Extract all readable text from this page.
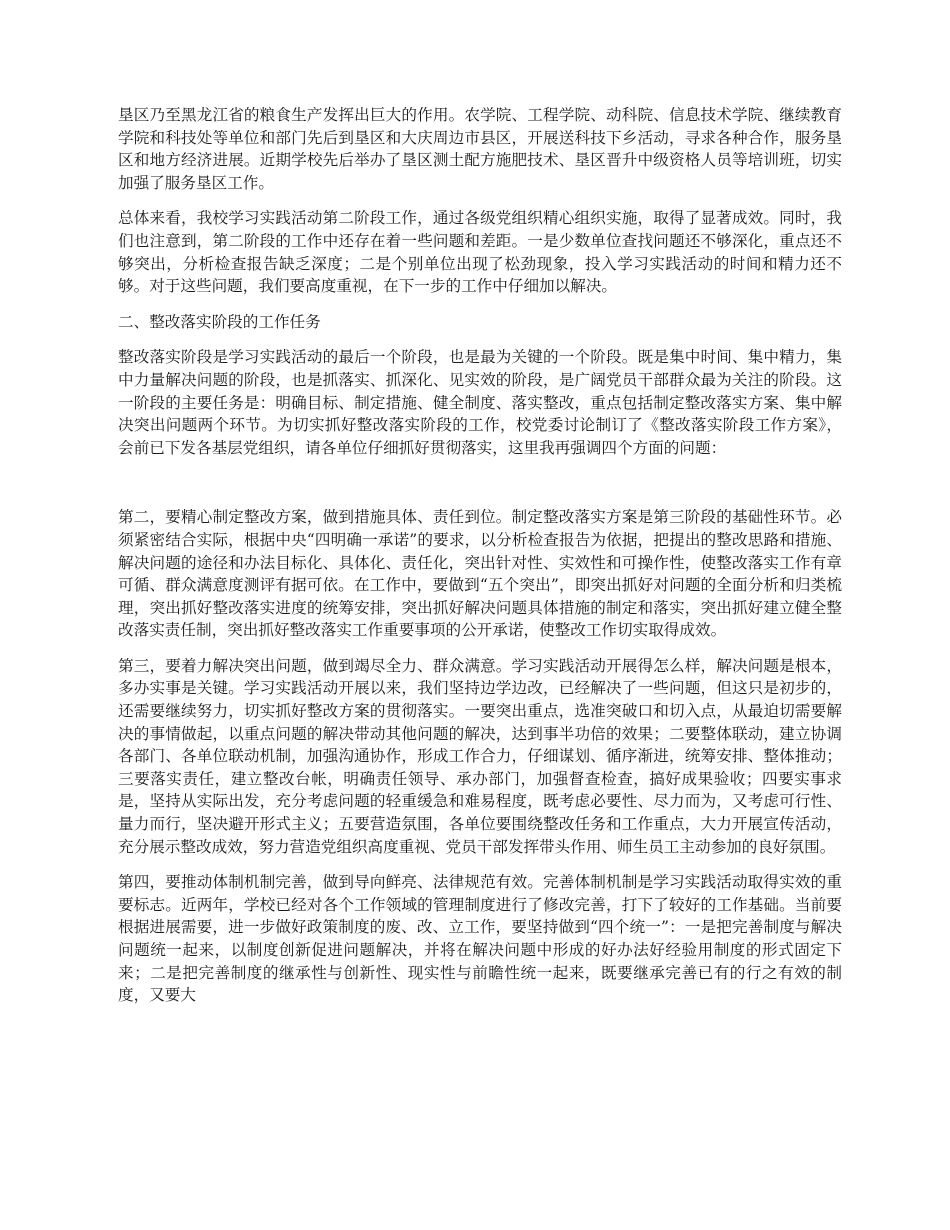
垦区乃至黑龙江省的粮食生产发挥出巨大的作用。农学院、工程学院、动科院、信息技术学院、继续教育学院和科技处等单位和部门先后到垦区和大庆周边市县区，开展送科技下乡活动，寻求各种合作，服务垦区和地方经济进展。近期学校先后举办了垦区测土配方施肥技术、垦区晋升中级资格人员等培训班，切实加强了服务垦区工作。

总体来看，我校学习实践活动第二阶段工作，通过各级党组织精心组织实施，取得了显著成效。同时，我们也注意到，第二阶段的工作中还存在着一些问题和差距。一是少数单位查找问题还不够深化，重点还不够突出，分析检查报告缺乏深度；二是个别单位出现了松劲现象，投入学习实践活动的时间和精力还不够。对于这些问题，我们要高度重视，在下一步的工作中仔细加以解决。

二、整改落实阶段的工作任务

整改落实阶段是学习实践活动的最后一个阶段，也是最为关键的一个阶段。既是集中时间、集中精力，集中力量解决问题的阶段，也是抓落实、抓深化、见实效的阶段，是广阔党员干部群众最为关注的阶段。这一阶段的主要任务是：明确目标、制定措施、健全制度、落实整改，重点包括制定整改落实方案、集中解决突出问题两个环节。为切实抓好整改落实阶段的工作，校党委讨论制订了《整改落实阶段工作方案》，会前已下发各基层党组织，请各单位仔细抓好贯彻落实，这里我再强调四个方面的问题：

第二，要精心制定整改方案，做到措施具体、责任到位。制定整改落实方案是第三阶段的基础性环节。必须紧密结合实际，根据中央“四明确一承诺”的要求，以分析检查报告为依据，把提出的整改思路和措施、解决问题的途径和办法目标化、具体化、责任化，突出针对性、实效性和可操作性，使整改落实工作有章可循、群众满意度测评有据可依。在工作中，要做到“五个突出”，即突出抓好对问题的全面分析和归类梳理，突出抓好整改落实进度的统筹安排，突出抓好解决问题具体措施的制定和落实，突出抓好建立健全整改落实责任制，突出抓好整改落实工作重要事项的公开承诺，使整改工作切实取得成效。

第三，要着力解决突出问题，做到竭尽全力、群众满意。学习实践活动开展得怎么样，解决问题是根本，多办实事是关键。学习实践活动开展以来，我们坚持边学边改，已经解决了一些问题，但这只是初步的，还需要继续努力，切实抓好整改方案的贯彻落实。一要突出重点，选准突破口和切入点，从最迫切需要解决的事情做起，以重点问题的解决带动其他问题的解决，达到事半功倍的效果；二要整体联动，建立协调各部门、各单位联动机制，加强沟通协作，形成工作合力，仔细谋划、循序渐进，统筹安排、整体推动；三要落实责任，建立整改台帐，明确责任领导、承办部门，加强督查检查，搞好成果验收；四要实事求是，坚持从实际出发，充分考虑问题的轻重缓急和难易程度，既考虑必要性、尽力而为，又考虑可行性、量力而行，坚决避开形式主义；五要营造氛围，各单位要围绕整改任务和工作重点，大力开展宣传活动，充分展示整改成效，努力营造党组织高度重视、党员干部发挥带头作用、师生员工主动参加的良好氛围。

第四，要推动体制机制完善，做到导向鲜亮、法律规范有效。完善体制机制是学习实践活动取得实效的重要标志。近两年，学校已经对各个工作领域的管理制度进行了修改完善，打下了较好的工作基础。当前要根据进展需要，进一步做好政策制度的废、改、立工作，要坚持做到“四个统一”：一是把完善制度与解决问题统一起来，以制度创新促进问题解决，并将在解决问题中形成的好办法好经验用制度的形式固定下来；二是把完善制度的继承性与创新性、现实性与前瞻性统一起来，既要继承完善已有的行之有效的制度，又要大
